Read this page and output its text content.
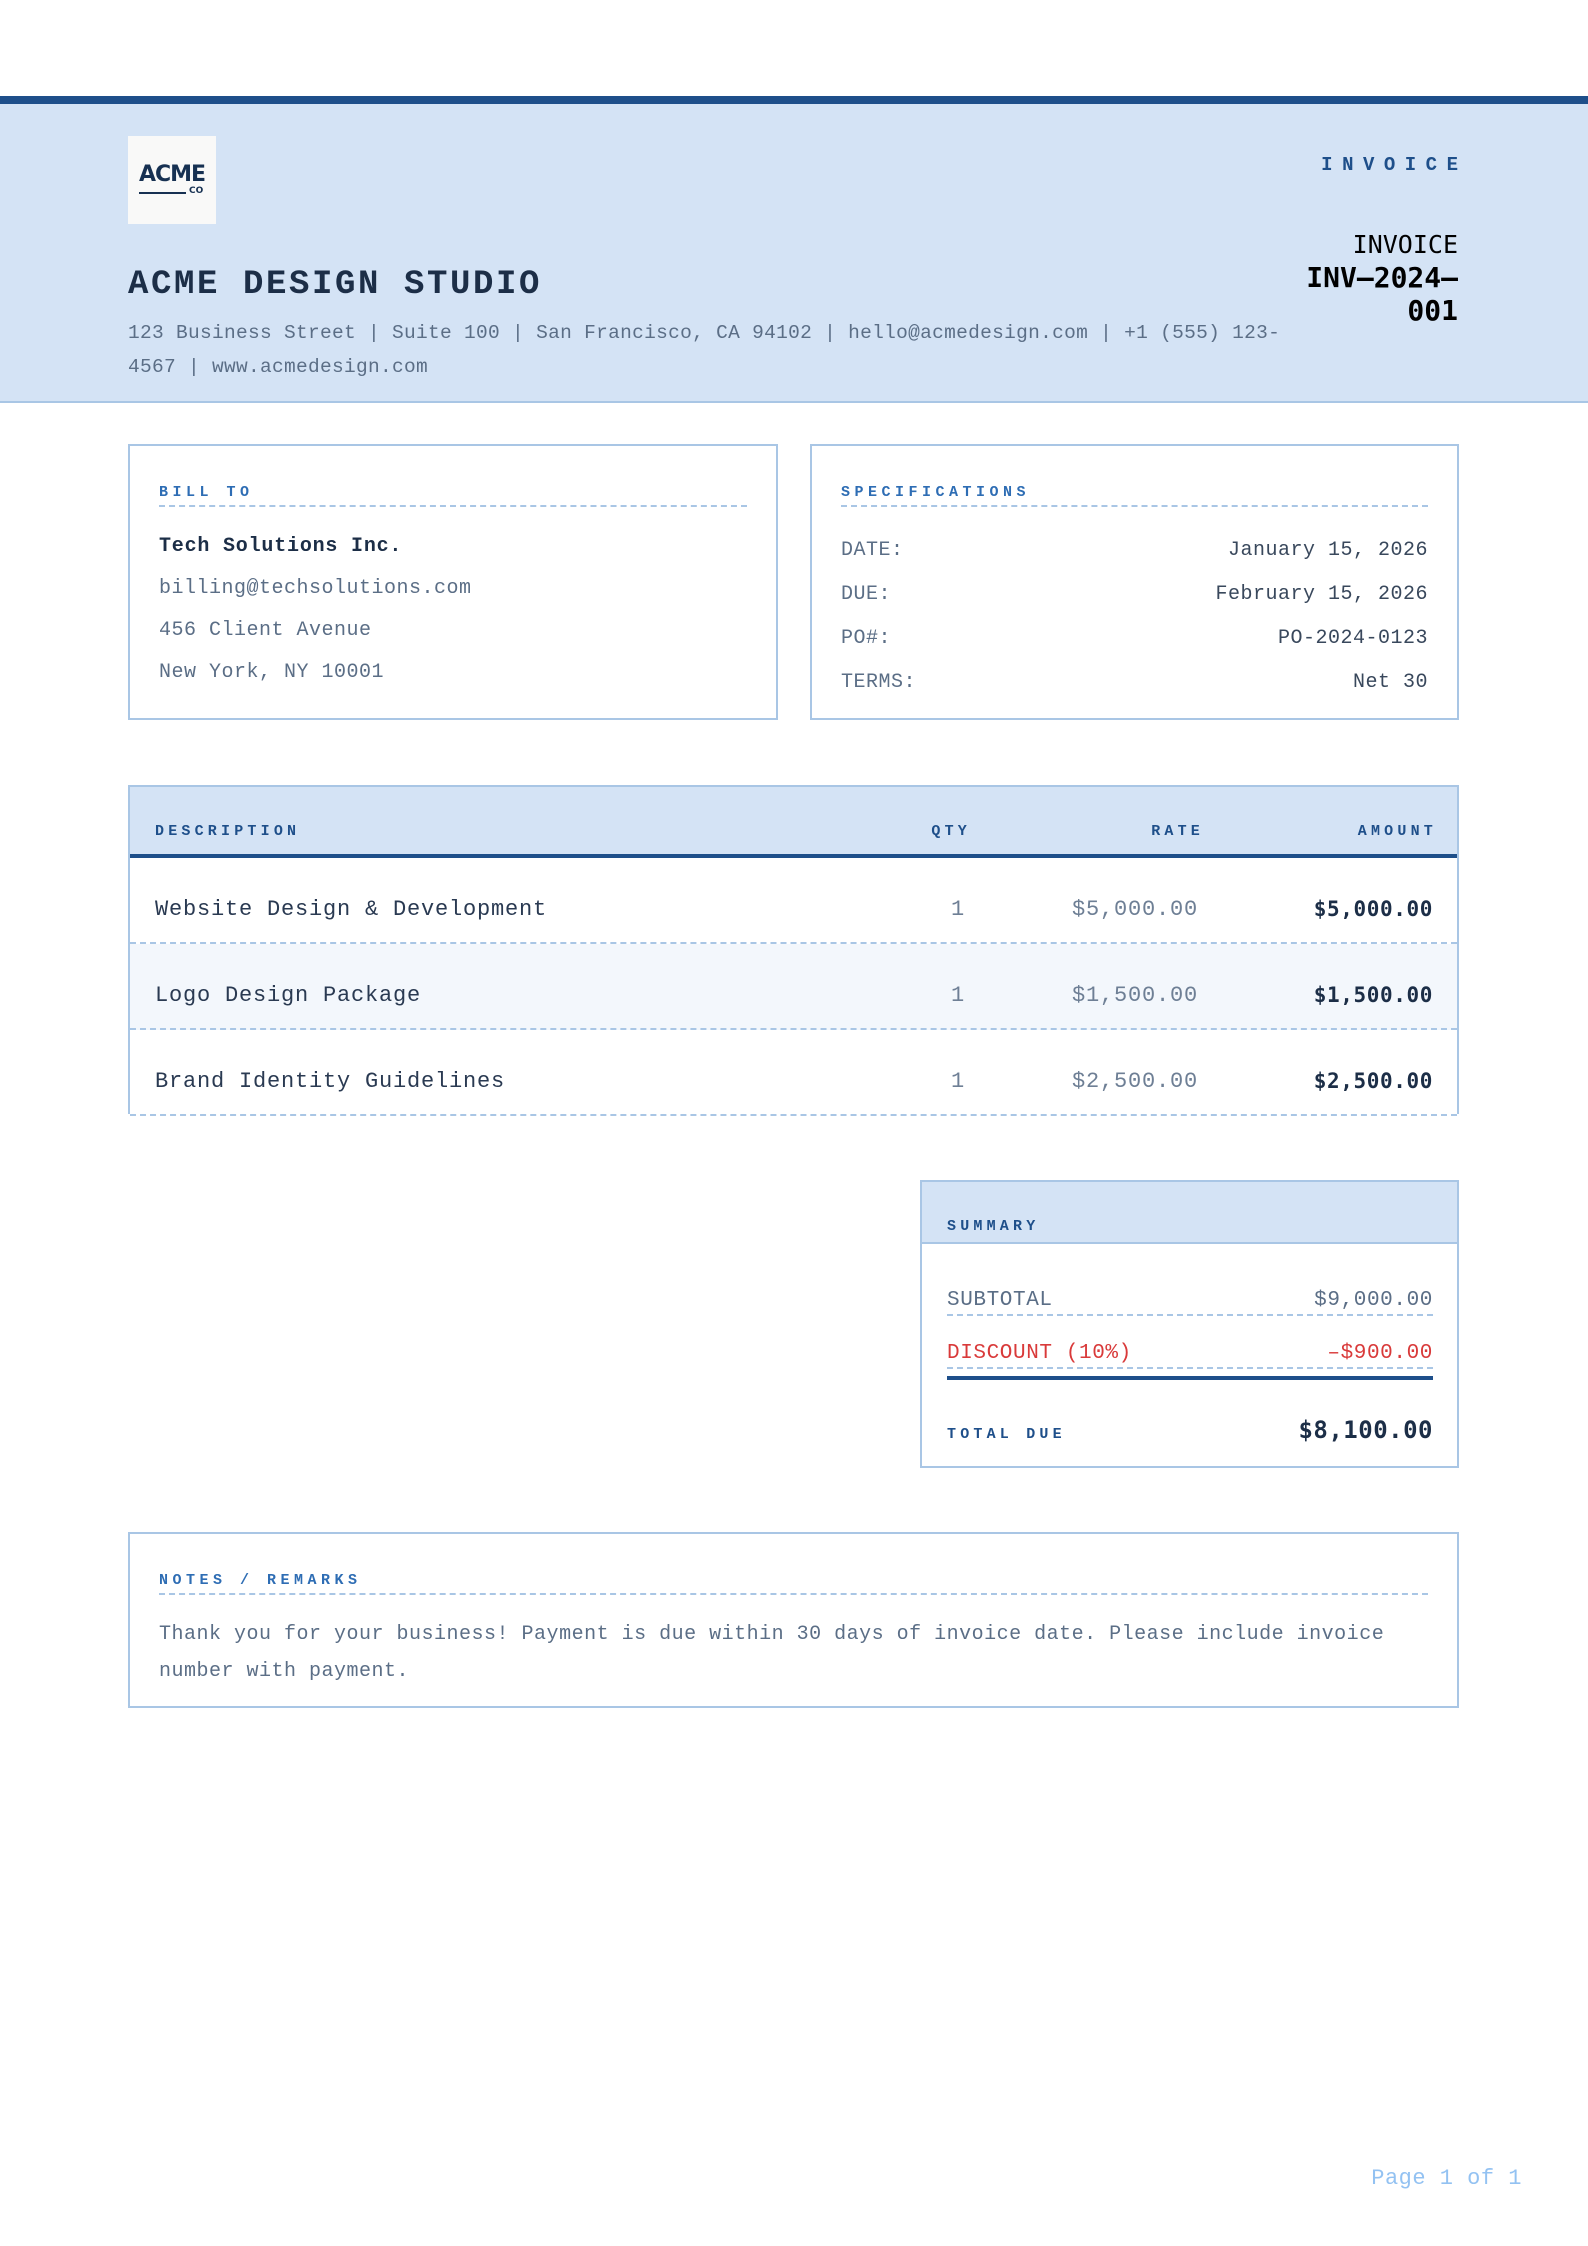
ACME
CO
ACME DESIGN STUDIO
123 Business Street | Suite 100 | San Francisco, CA 94102 | hello@acmedesign.com | +1 (555) 123-4567 | www.acmedesign.com
INVOICE
INVOICE
INV–2024–
001
BILL TO
Tech Solutions Inc.
billing@techsolutions.com
456 Client Avenue
New York, NY 10001
SPECIFICATIONS
DATE:	January 15, 2026
DUE:	February 15, 2026
PO#:	PO-2024-0123
TERMS:	Net 30
DESCRIPTION	QTY	RATE	AMOUNT
Website Design & Development	1	$5,000.00	$5,000.00
Logo Design Package	1	$1,500.00	$1,500.00
Brand Identity Guidelines	1	$2,500.00	$2,500.00
SUMMARY
SUBTOTAL	$9,000.00
DISCOUNT (10%)	–$900.00
TOTAL DUE	$8,100.00
NOTES / REMARKS
Thank you for your business! Payment is due within 30 days of invoice date. Please include invoice number with payment.
Page 1 of 1
